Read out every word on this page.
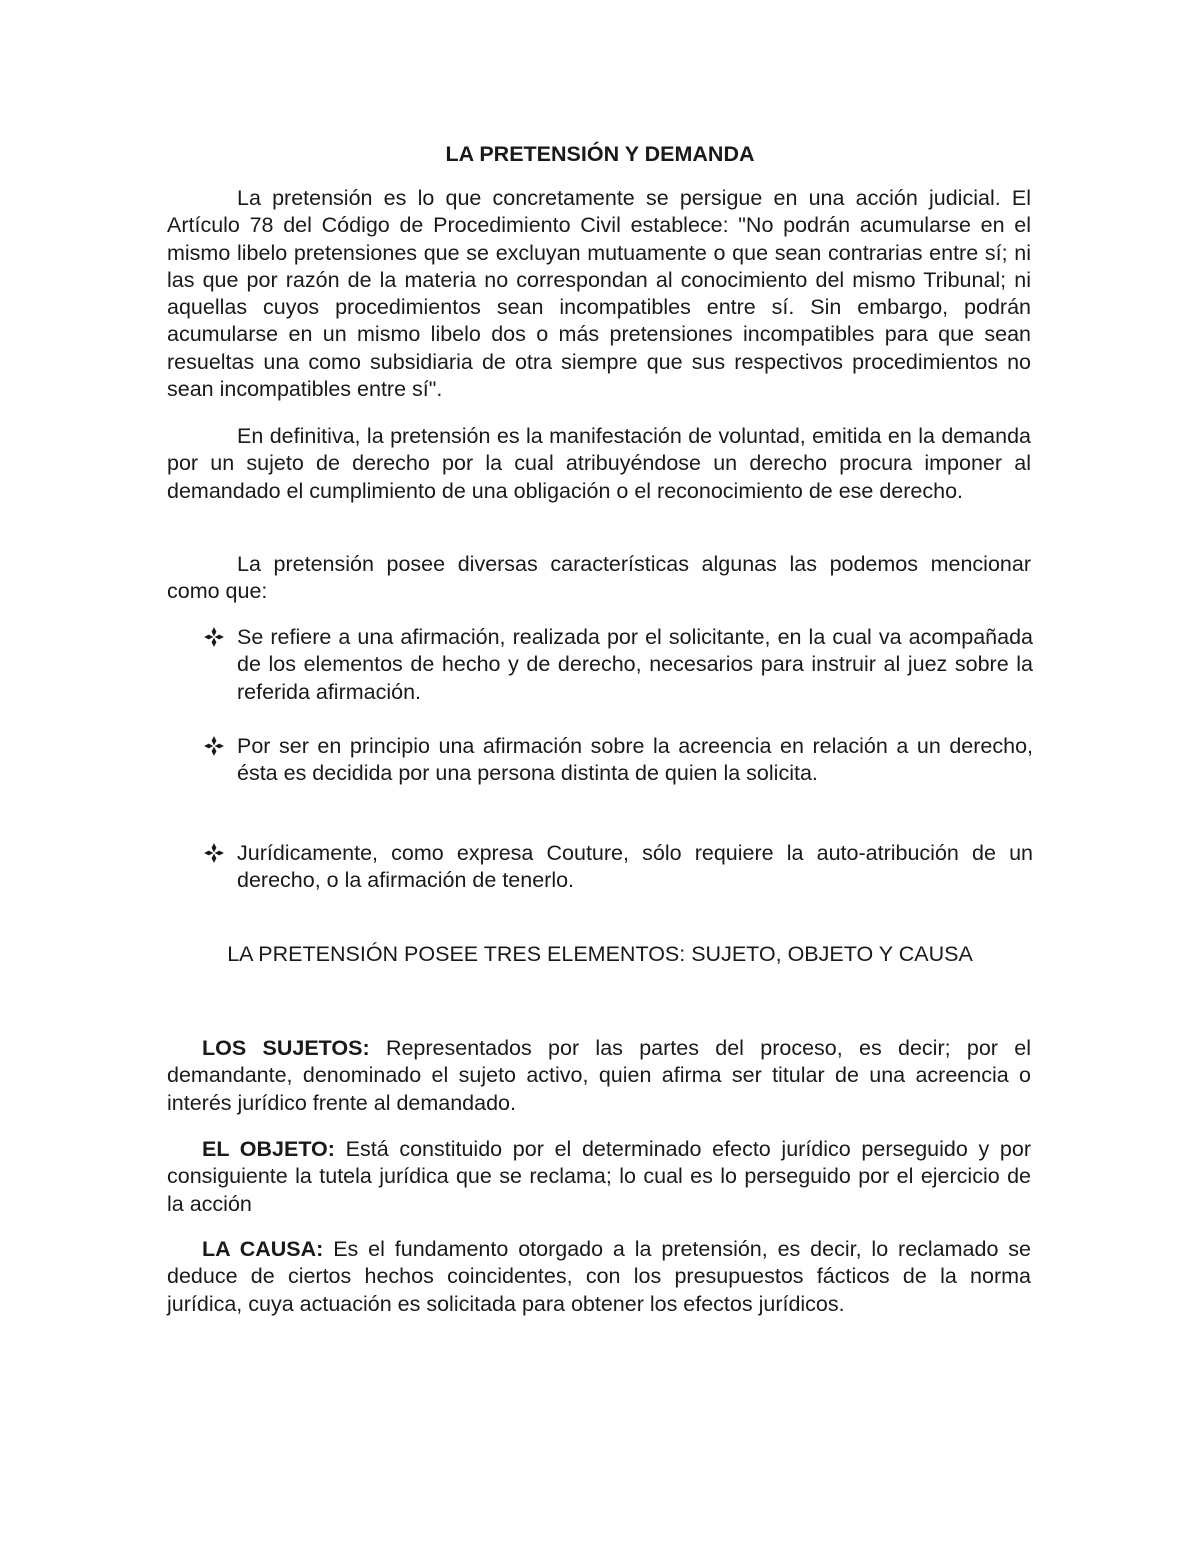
LA PRETENSIÓN Y DEMANDA

La pretensión es lo que concretamente se persigue en una acción judicial. El Artículo 78 del Código de Procedimiento Civil establece: "No podrán acumularse en el mismo libelo pretensiones que se excluyan mutuamente o que sean contrarias entre sí; ni las que por razón de la materia no correspondan al conocimiento del mismo Tribunal; ni aquellas cuyos procedimientos sean incompatibles entre sí. Sin embargo, podrán acumularse en un mismo libelo dos o más pretensiones incompatibles para que sean resueltas una como subsidiaria de otra siempre que sus respectivos procedimientos no sean incompatibles entre sí".

En definitiva, la pretensión es la manifestación de voluntad, emitida en la demanda por un sujeto de derecho por la cual atribuyéndose un derecho procura imponer al demandado el cumplimiento de una obligación o el reconocimiento de ese derecho.

La pretensión posee diversas características algunas las podemos mencionar como que:

Se refiere a una afirmación, realizada por el solicitante, en la cual va acompañada de los elementos de hecho y de derecho, necesarios para instruir al juez sobre la referida afirmación.
Por ser en principio una afirmación sobre la acreencia en relación a un derecho, ésta es decidida por una persona distinta de quien la solicita.
Jurídicamente, como expresa Couture, sólo requiere la auto-atribución de un derecho, o la afirmación de tenerlo.
LA PRETENSIÓN POSEE TRES ELEMENTOS: SUJETO, OBJETO Y CAUSA

LOS SUJETOS: Representados por las partes del proceso, es decir; por el demandante, denominado el sujeto activo, quien afirma ser titular de una acreencia o interés jurídico frente al demandado.

EL OBJETO: Está constituido por el determinado efecto jurídico perseguido y por consiguiente la tutela jurídica que se reclama; lo cual es lo perseguido por el ejercicio de la acción

LA CAUSA: Es el fundamento otorgado a la pretensión, es decir, lo reclamado se deduce de ciertos hechos coincidentes, con los presupuestos fácticos de la norma jurídica, cuya actuación es solicitada para obtener los efectos jurídicos.
